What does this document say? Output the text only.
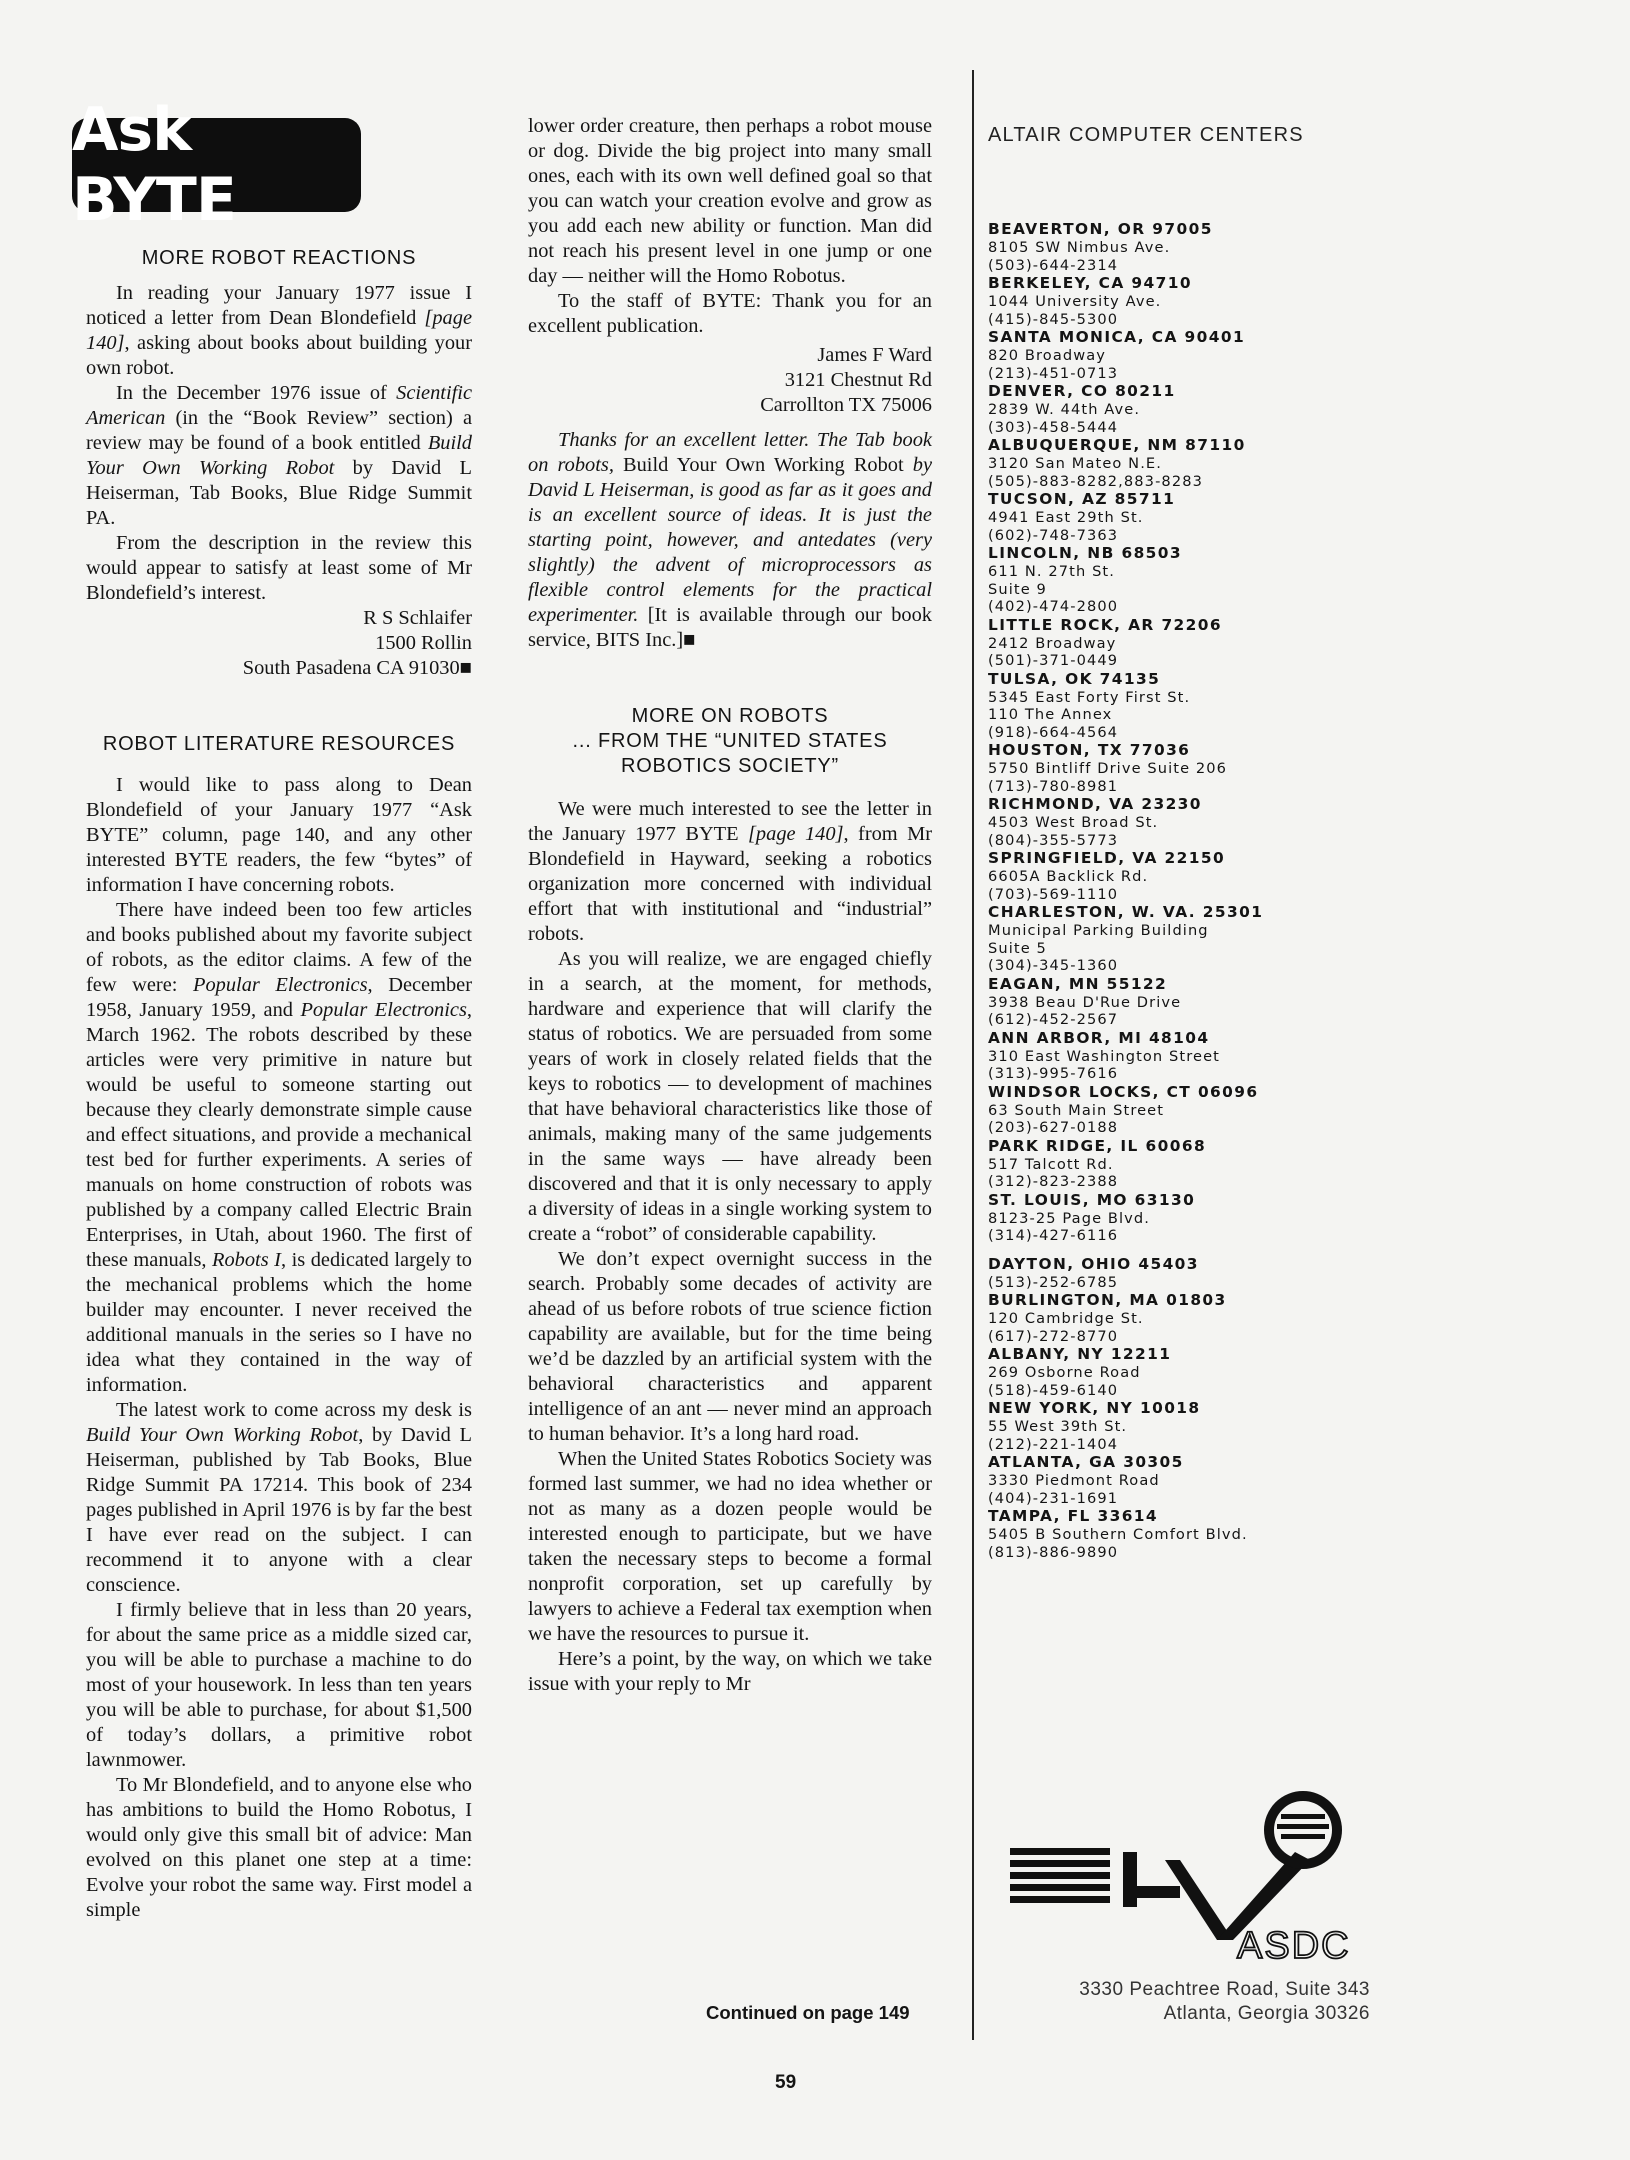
Ask BYTE
MORE ROBOT REACTIONS

In reading your January 1977 issue I noticed a letter from Dean Blondefield [page 140], asking about books about building your own robot.

In the December 1976 issue of Scientific American (in the “Book Review” section) a review may be found of a book entitled Build Your Own Working Robot by David L Heiserman, Tab Books, Blue Ridge Summit PA.

From the description in the review this would appear to satisfy at least some of Mr Blondefield’s interest.

R S Schlaifer
1500 Rollin
South Pasadena CA 91030■
ROBOT LITERATURE RESOURCES

I would like to pass along to Dean Blondefield of your January 1977 “Ask BYTE” column, page 140, and any other interested BYTE readers, the few “bytes” of information I have concerning robots.

There have indeed been too few articles and books published about my favorite subject of robots, as the editor claims. A few of the few were: Popular Electronics, December 1958, January 1959, and Popular Electronics, March 1962. The robots described by these articles were very primitive in nature but would be useful to someone starting out because they clearly demonstrate simple cause and effect situations, and provide a mechanical test bed for further experiments. A series of manuals on home construction of robots was published by a company called Electric Brain Enterprises, in Utah, about 1960. The first of these manuals, Robots I, is dedicated largely to the mechanical problems which the home builder may encounter. I never received the additional manuals in the series so I have no idea what they contained in the way of information.

The latest work to come across my desk is Build Your Own Working Robot, by David L Heiserman, published by Tab Books, Blue Ridge Summit PA 17214. This book of 234 pages published in April 1976 is by far the best I have ever read on the subject. I can recommend it to anyone with a clear conscience.

I firmly believe that in less than 20 years, for about the same price as a middle sized car, you will be able to purchase a machine to do most of your housework. In less than ten years you will be able to purchase, for about $1,500 of today’s dollars, a primitive robot lawnmower.

To Mr Blondefield, and to anyone else who has ambitions to build the Homo Robotus, I would only give this small bit of advice: Man evolved on this planet one step at a time: Evolve your robot the same way. First model a simple

lower order creature, then perhaps a robot mouse or dog. Divide the big project into many small ones, each with its own well defined goal so that you can watch your creation evolve and grow as you add each new ability or function. Man did not reach his present level in one jump or one day — neither will the Homo Robotus.

To the staff of BYTE: Thank you for an excellent publication.

James F Ward
3121 Chestnut Rd
Carrollton TX 75006

Thanks for an excellent letter. The Tab book on robots, Build Your Own Working Robot by David L Heiserman, is good as far as it goes and is an excellent source of ideas. It is just the starting point, however, and antedates (very slightly) the advent of microprocessors as flexible control elements for the practical experimenter. [It is available through our book service, BITS Inc.]■

MORE ON ROBOTS
... FROM THE “UNITED STATES
ROBOTICS SOCIETY”

We were much interested to see the letter in the January 1977 BYTE [page 140], from Mr Blondefield in Hayward, seeking a robotics organization more concerned with individual effort that with institutional and “industrial” robots.

As you will realize, we are engaged chiefly in a search, at the moment, for methods, hardware and experience that will clarify the status of robotics. We are persuaded from some years of work in closely related fields that the keys to robotics — to development of machines that have behavioral characteristics like those of animals, making many of the same judgements in the same ways — have already been discovered and that it is only necessary to apply a diversity of ideas in a single working system to create a “robot” of considerable capability.

We don’t expect overnight success in the search. Probably some decades of activity are ahead of us before robots of true science fiction capability are available, but for the time being we’d be dazzled by an artificial system with the behavioral characteristics and apparent intelligence of an ant — never mind an approach to human behavior. It’s a long hard road.

When the United States Robotics Society was formed last summer, we had no idea whether or not as many as a dozen people would be interested enough to participate, but we have taken the necessary steps to become a formal nonprofit corporation, set up carefully by lawyers to achieve a Federal tax exemption when we have the resources to pursue it.

Here’s a point, by the way, on which we take issue with your reply to Mr

Continued on page 149
ALTAIR COMPUTER CENTERS
BEAVERTON, OR 97005
8105 SW Nimbus Ave.
(503)-644-2314
BERKELEY, CA 94710
1044 University Ave.
(415)-845-5300
SANTA MONICA, CA 90401
820 Broadway
(213)-451-0713
DENVER, CO 80211
2839 W. 44th Ave.
(303)-458-5444
ALBUQUERQUE, NM 87110
3120 San Mateo N.E.
(505)-883-8282,883-8283
TUCSON, AZ 85711
4941 East 29th St.
(602)-748-7363
LINCOLN, NB 68503
611 N. 27th St.
Suite 9
(402)-474-2800
LITTLE ROCK, AR 72206
2412 Broadway
(501)-371-0449
TULSA, OK 74135
5345 East Forty First St.
110 The Annex
(918)-664-4564
HOUSTON, TX 77036
5750 Bintliff Drive Suite 206
(713)-780-8981
RICHMOND, VA 23230
4503 West Broad St.
(804)-355-5773
SPRINGFIELD, VA 22150
6605A Backlick Rd.
(703)-569-1110
CHARLESTON, W. VA. 25301
Municipal Parking Building
Suite 5
(304)-345-1360
EAGAN, MN 55122
3938 Beau D'Rue Drive
(612)-452-2567
ANN ARBOR, MI 48104
310 East Washington Street
(313)-995-7616
WINDSOR LOCKS, CT 06096
63 South Main Street
(203)-627-0188
PARK RIDGE, IL 60068
517 Talcott Rd.
(312)-823-2388
ST. LOUIS, MO 63130
8123-25 Page Blvd.
(314)-427-6116
DAYTON, OHIO 45403
(513)-252-6785
BURLINGTON, MA 01803
120 Cambridge St.
(617)-272-8770
ALBANY, NY 12211
269 Osborne Road
(518)-459-6140
NEW YORK, NY 10018
55 West 39th St.
(212)-221-1404
ATLANTA, GA 30305
3330 Piedmont Road
(404)-231-1691
TAMPA, FL 33614
5405 B Southern Comfort Blvd.
(813)-886-9890
ASDC
3330 Peachtree Road, Suite 343
Atlanta, Georgia 30326
59
